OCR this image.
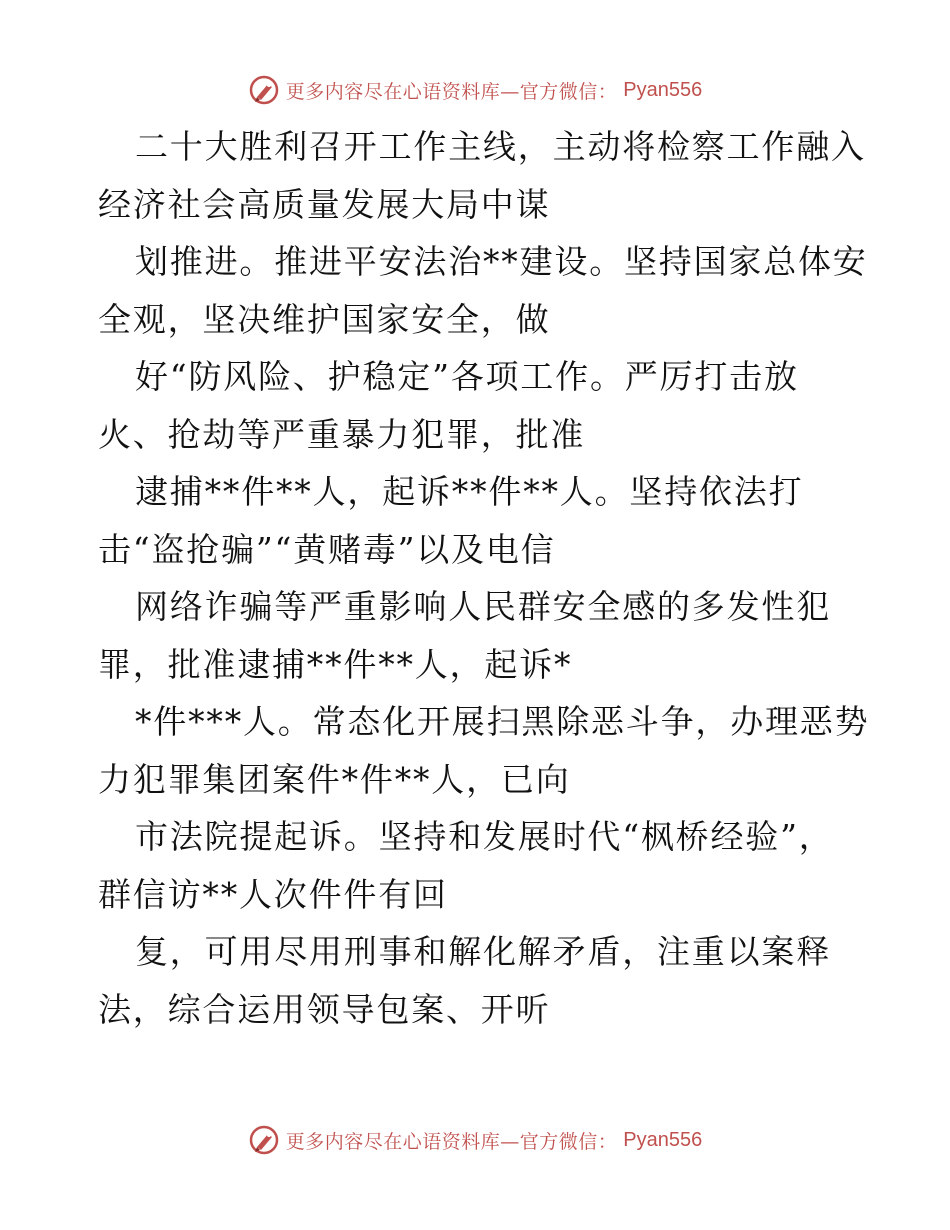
更多内容尽在心语资料库—官方微信： Pyan556
二十大胜利召开工作主线，主动将检察工作融入
经济社会高质量发展大局中谋
划推进。推进平安法治**建设。坚持国家总体安
全观，坚决维护国家安全，做
好“防风险、护稳定”各项工作。严厉打击放
火、抢劫等严重暴力犯罪，批准
逮捕**件**人，起诉**件**人。坚持依法打
击“盗抢骗”“黄赌毒”以及电信
网络诈骗等严重影响人民群安全感的多发性犯
罪，批准逮捕**件**人，起诉*
*件***人。常态化开展扫黑除恶斗争，办理恶势
力犯罪集团案件*件**人，已向
市法院提起诉。坚持和发展时代“枫桥经验”，
群信访**人次件件有回
复，可用尽用刑事和解化解矛盾，注重以案释
法，综合运用领导包案、开听
更多内容尽在心语资料库—官方微信： Pyan556
